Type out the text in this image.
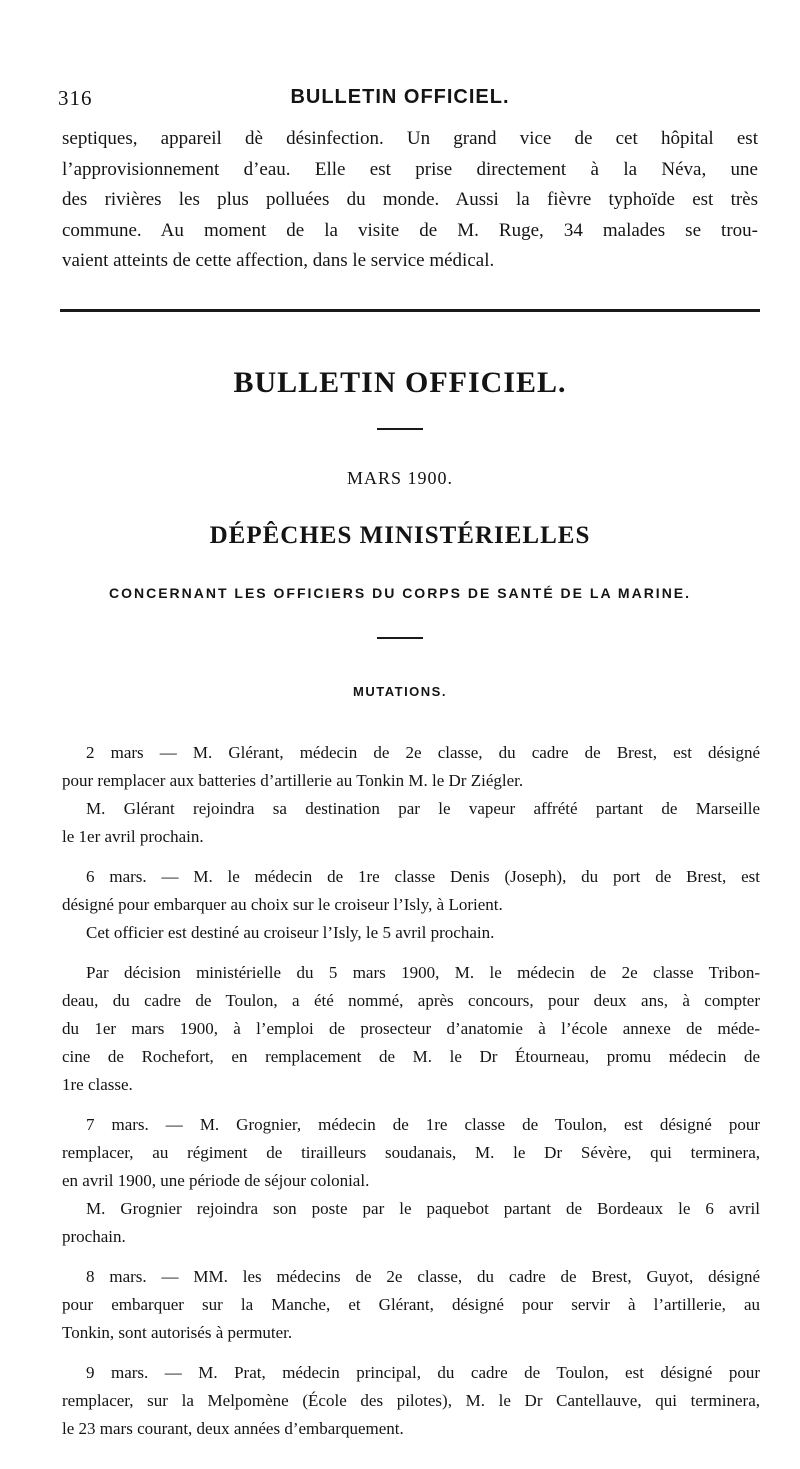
316	BULLETIN OFFICIEL.
septiques, appareil dè désinfection. Un grand vice de cet hôpital est
l’approvisionnement d’eau. Elle est prise directement à la Néva, une
des rivières les plus polluées du monde. Aussi la fièvre typhoïde est très
commune. Au moment de la visite de M. Ruge, 34 malades se trou-
vaient atteints de cette affection, dans le service médical.
BULLETIN OFFICIEL.
MARS 1900.
DÉPÊCHES MINISTÉRIELLES
CONCERNANT LES OFFICIERS DU CORPS DE SANTÉ DE LA MARINE.
MUTATIONS.
2 mars — M. Glérant, médecin de 2e classe, du cadre de Brest, est désigné
pour remplacer aux batteries d’artillerie au Tonkin M. le Dr Ziégler.
M. Glérant rejoindra sa destination par le vapeur affrété partant de Marseille
le 1er avril prochain.
6 mars. — M. le médecin de 1re classe Denis (Joseph), du port de Brest, est
désigné pour embarquer au choix sur le croiseur l’Isly, à Lorient.
Cet officier est destiné au croiseur l’Isly, le 5 avril prochain.
Par décision ministérielle du 5 mars 1900, M. le médecin de 2e classe Tribon-
deau, du cadre de Toulon, a été nommé, après concours, pour deux ans, à compter
du 1er mars 1900, à l’emploi de prosecteur d’anatomie à l’école annexe de méde-
cine de Rochefort, en remplacement de M. le Dr Étourneau, promu médecin de
1re classe.
7 mars. — M. Grognier, médecin de 1re classe de Toulon, est désigné pour
remplacer, au régiment de tirailleurs soudanais, M. le Dr Sévère, qui terminera,
en avril 1900, une période de séjour colonial.
M. Grognier rejoindra son poste par le paquebot partant de Bordeaux le 6 avril
prochain.
8 mars. — MM. les médecins de 2e classe, du cadre de Brest, Guyot, désigné
pour embarquer sur la Manche, et Glérant, désigné pour servir à l’artillerie, au
Tonkin, sont autorisés à permuter.
9 mars. — M. Prat, médecin principal, du cadre de Toulon, est désigné pour
remplacer, sur la Melpomène (École des pilotes), M. le Dr Cantellauve, qui terminera,
le 23 mars courant, deux années d’embarquement.
